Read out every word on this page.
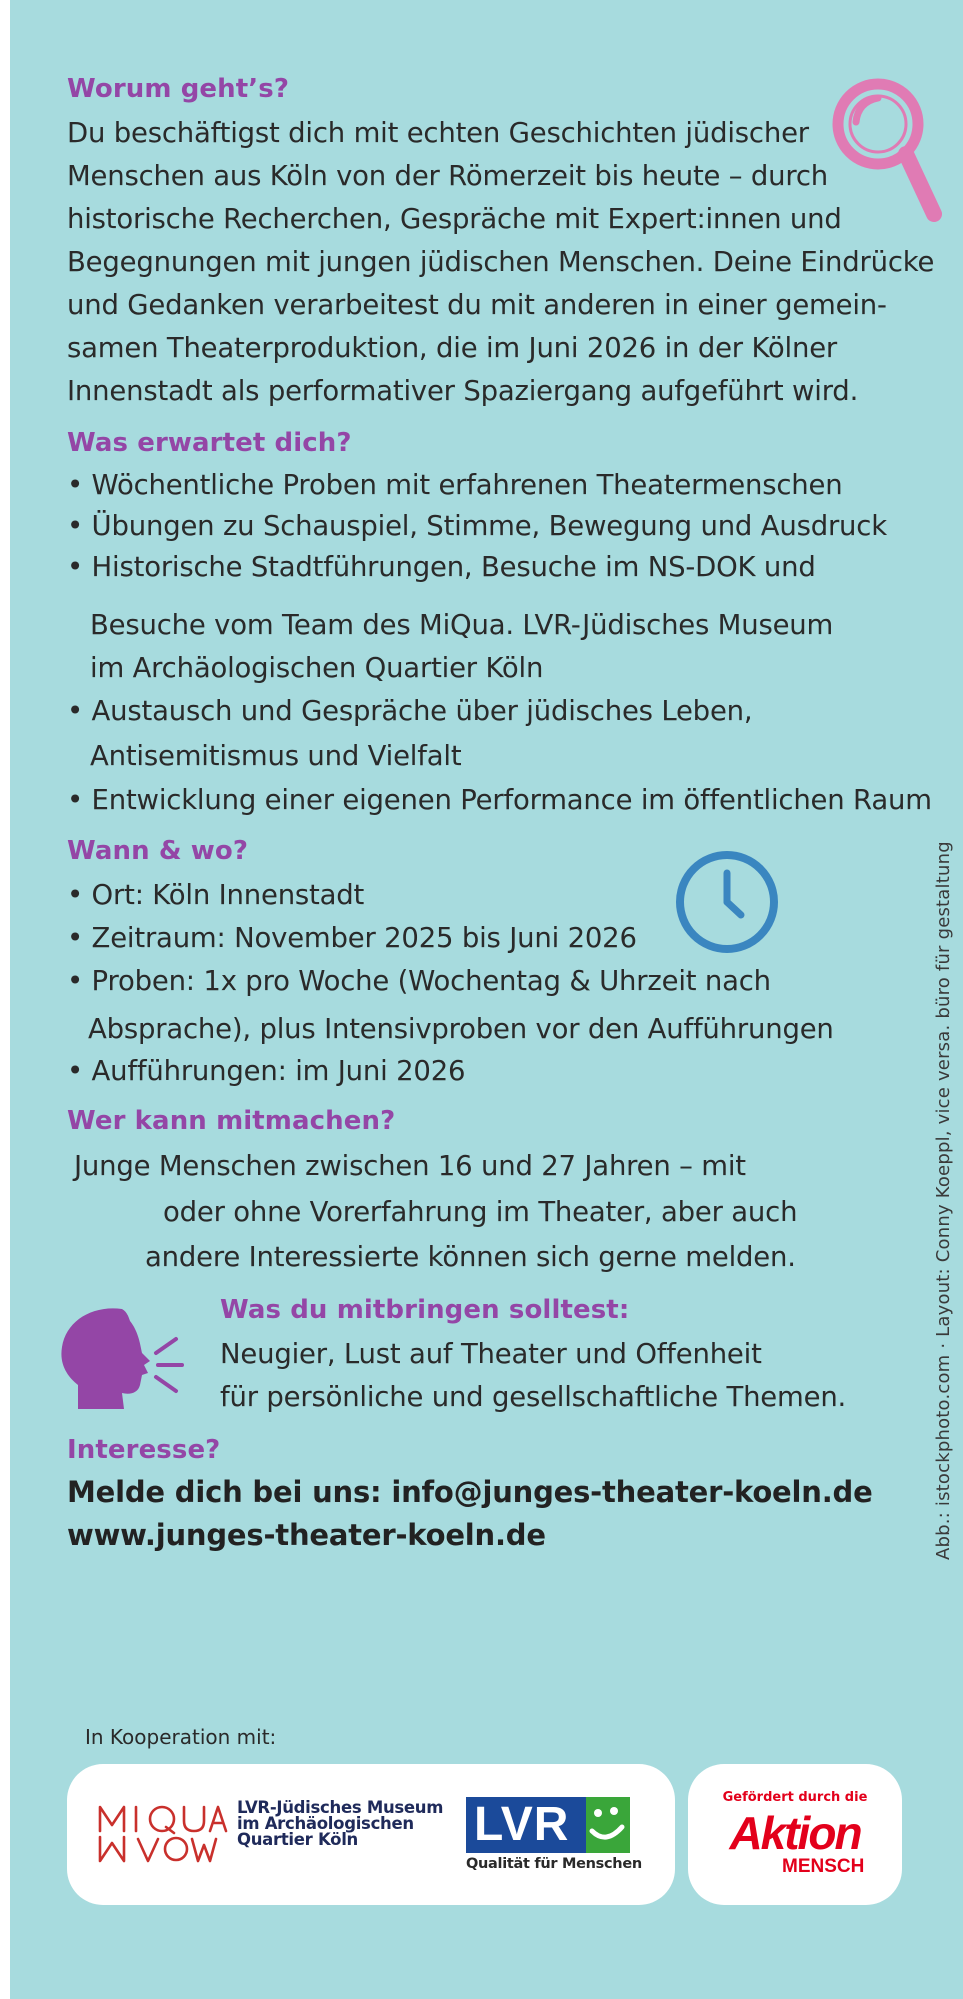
Worum geht’s?
Du beschäftigst dich mit echten Geschichten jüdischer
Menschen aus Köln von der Römerzeit bis heute – durch
historische Recherchen, Gespräche mit Expert:innen und
Begegnungen mit jungen jüdischen Menschen. Deine Eindrücke
und Gedanken verarbeitest du mit anderen in einer gemein-
samen Theaterproduktion, die im Juni 2026 in der Kölner
Innenstadt als performativer Spaziergang aufgeführt wird.
Was erwartet dich?
• Wöchentliche Proben mit erfahrenen Theatermenschen
• Übungen zu Schauspiel, Stimme, Bewegung und Ausdruck
• Historische Stadtführungen, Besuche im NS-DOK und
Besuche vom Team des MiQua. LVR-Jüdisches Museum
im Archäologischen Quartier Köln
• Austausch und Gespräche über jüdisches Leben,
Antisemitismus und Vielfalt
• Entwicklung einer eigenen Performance im öffentlichen Raum
Wann & wo?
• Ort: Köln Innenstadt
• Zeitraum: November 2025 bis Juni 2026
• Proben: 1x pro Woche (Wochentag & Uhrzeit nach
Absprache), plus Intensivproben vor den Aufführungen
• Aufführungen: im Juni 2026
Wer kann mitmachen?
Junge Menschen zwischen 16 und 27 Jahren – mit
oder ohne Vorerfahrung im Theater, aber auch
andere Interessierte können sich gerne melden.
Was du mitbringen solltest:
Neugier, Lust auf Theater und Offenheit
für persönliche und gesellschaftliche Themen.
Interesse?
Melde dich bei uns: info@junges-theater-koeln.de
www.junges-theater-koeln.de	Abb.: istockphoto.com · Layout: Conny Koeppl, vice versa. büro für gestaltung
In Kooperation mit:
LVR-Jüdisches Museum
im Archäologischen
Quartier Köln	LVR
Qualität für Menschen
Gefördert durch die
Aktion
MENSCH
